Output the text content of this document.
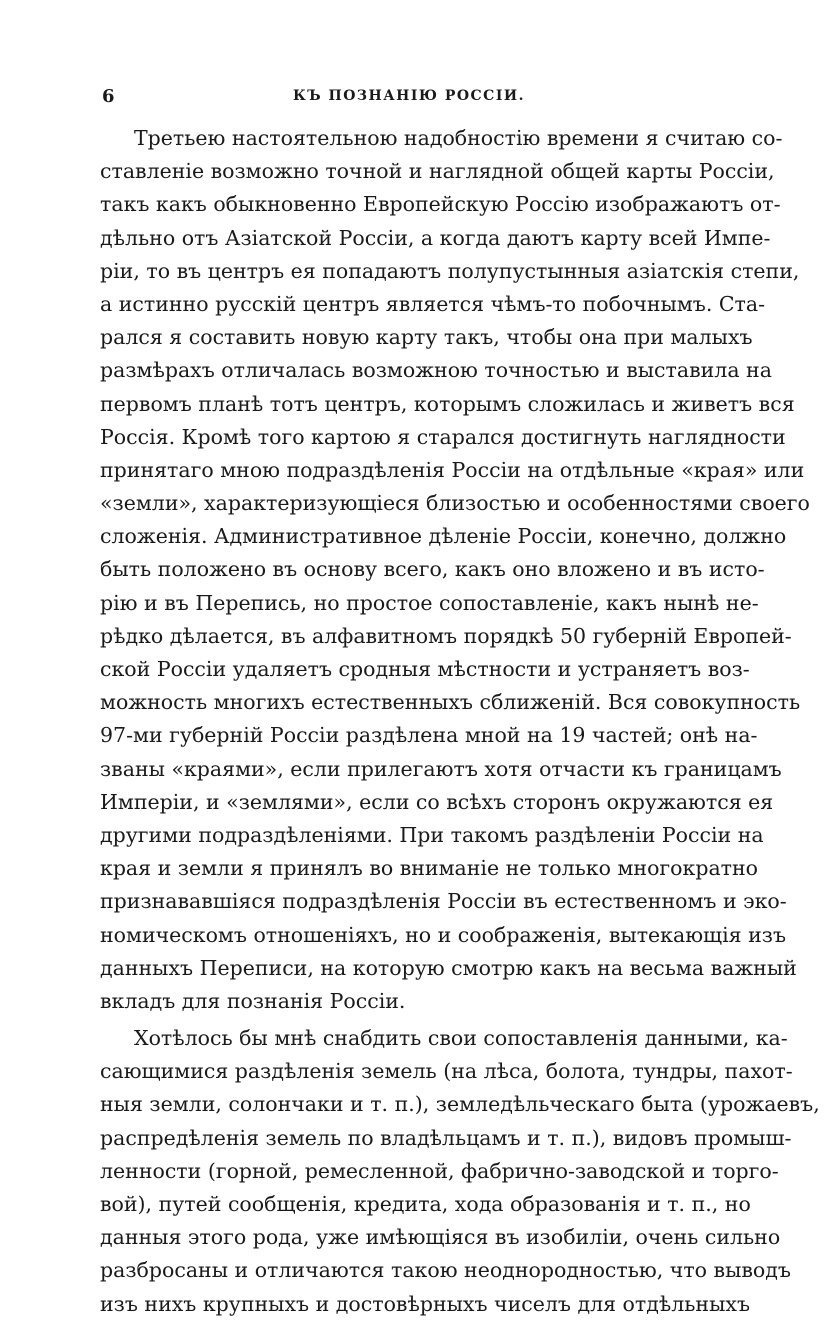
6	КЪ ПОЗНАНІЮ РОССІИ.
Третьею настоятельною надобностію времени я считаю со-
ставленіе возможно точной и наглядной общей карты Россіи,
такъ какъ обыкновенно Европейскую Россію изображаютъ от-
дѣльно отъ Азіатской Россіи, а когда даютъ карту всей Импе-
ріи, то въ центръ ея попадаютъ полупустынныя азіатскія степи,
а истинно русскій центръ является чѣмъ-то побочнымъ. Ста-
рался я составить новую карту такъ, чтобы она при малыхъ
размѣрахъ отличалась возможною точностью и выставила на
первомъ планѣ тотъ центръ, которымъ сложилась и живетъ вся
Россія. Кромѣ того картою я старался достигнуть наглядности
принятаго мною подраздѣленія Россіи на отдѣльные «края» или
«земли», характеризующіеся близостью и особенностями своего
сложенія. Административное дѣленіе Россіи, конечно, должно
быть положено въ основу всего, какъ оно вложено и въ исто-
рію и въ Перепись, но простое сопоставленіе, какъ нынѣ не-
рѣдко дѣлается, въ алфавитномъ порядкѣ 50 губерній Европей-
ской Россіи удаляетъ сродныя мѣстности и устраняетъ воз-
можность многихъ естественныхъ сближеній. Вся совокупность
97-ми губерній Россіи раздѣлена мной на 19 частей; онѣ на-
званы «краями», если прилегаютъ хотя отчасти къ границамъ
Имперіи, и «землями», если со всѣхъ сторонъ окружаются ея
другими подраздѣленіями. При такомъ раздѣленіи Россіи на
края и земли я принялъ во вниманіе не только многократно
признававшіяся подраздѣленія Россіи въ естественномъ и эко-
номическомъ отношеніяхъ, но и соображенія, вытекающія изъ
данныхъ Переписи, на которую смотрю какъ на весьма важный
вкладъ для познанія Россіи.
Хотѣлось бы мнѣ снабдить свои сопоставленія данными, ка-
сающимися раздѣленія земель (на лѣса, болота, тундры, пахот-
ныя земли, солончаки и т. п.), земледѣльческаго быта (урожаевъ,
распредѣленія земель по владѣльцамъ и т. п.), видовъ промыш-
ленности (горной, ремесленной, фабрично-заводской и торго-
вой), путей сообщенія, кредита, хода образованія и т. п., но
данныя этого рода, уже имѣющіяся въ изобиліи, очень сильно
разбросаны и отличаются такою неоднородностью, что выводъ
изъ нихъ крупныхъ и достовѣрныхъ чиселъ для отдѣльныхъ
